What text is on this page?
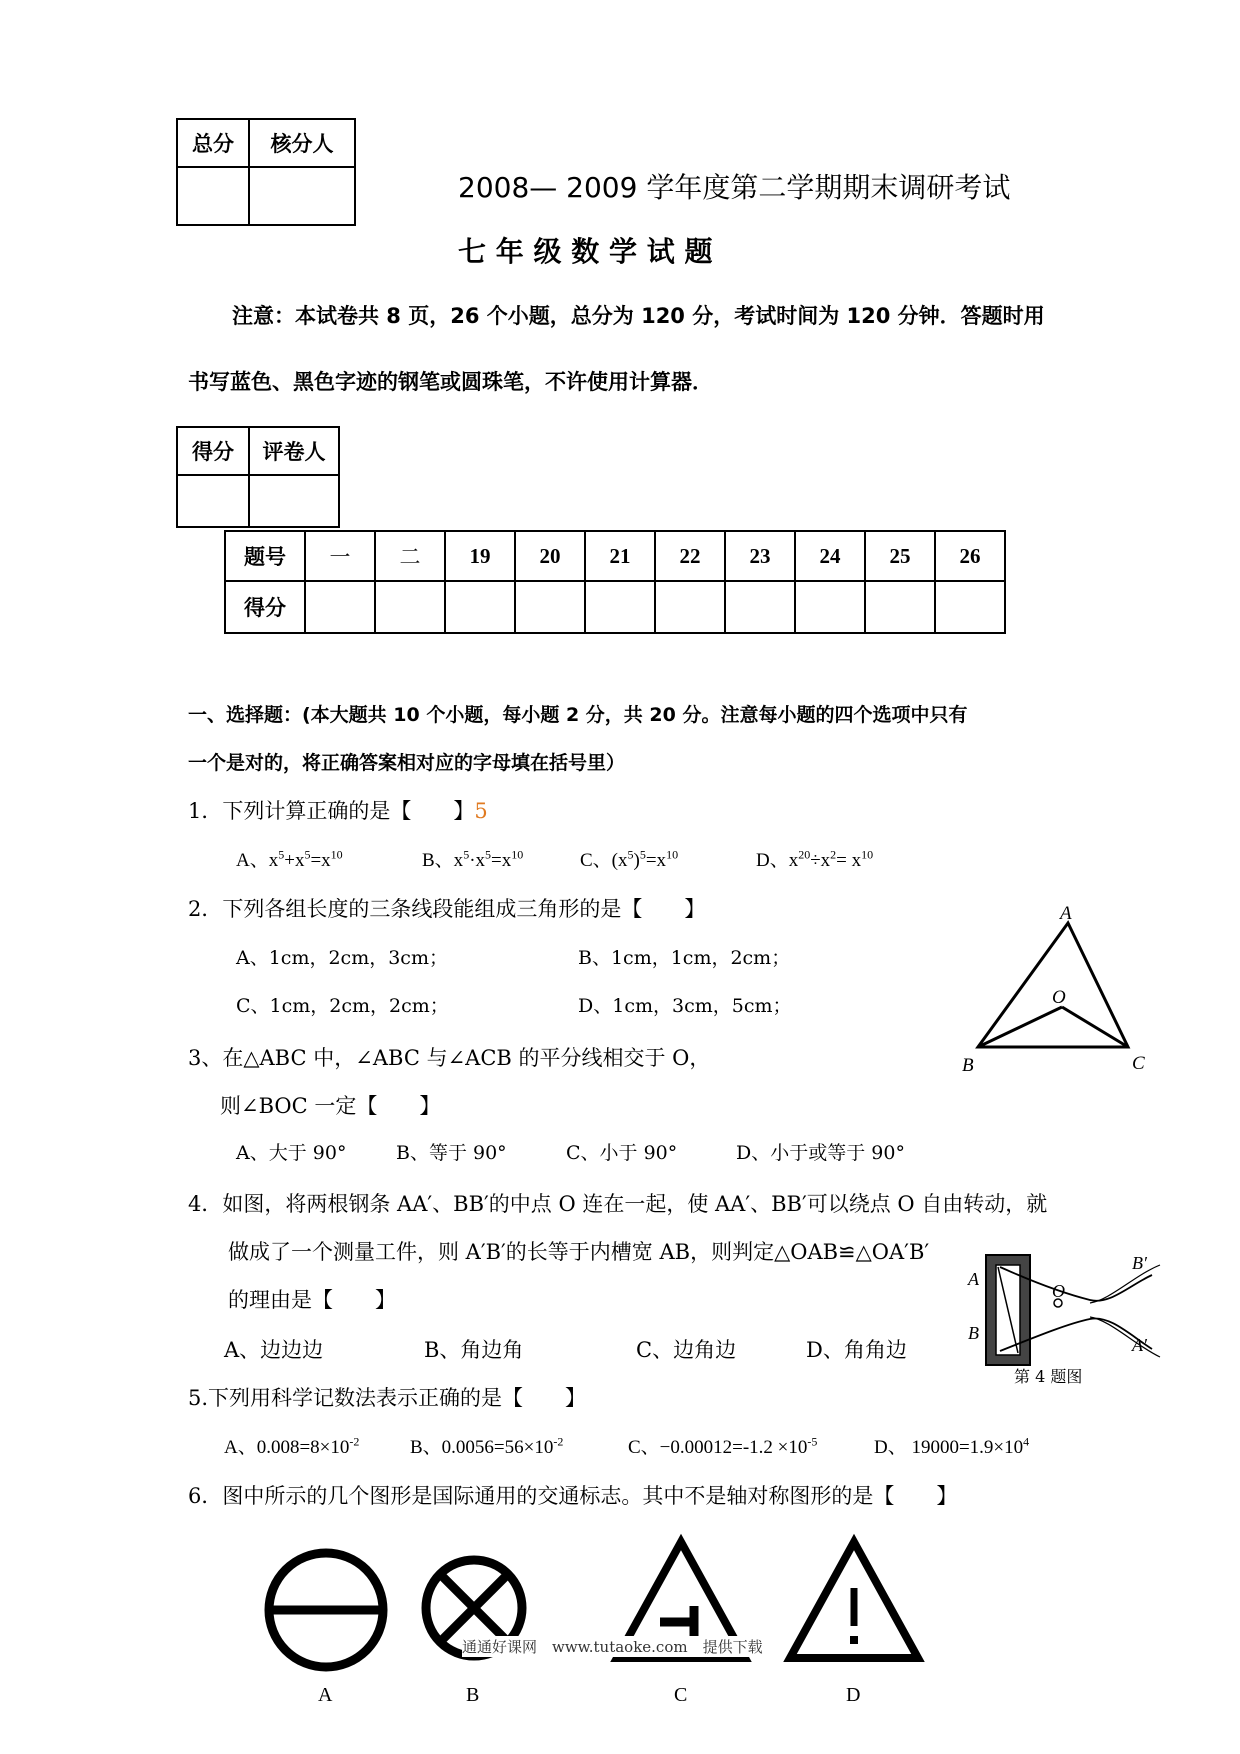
总分	核分人

2008— 2009 学年度第二学期期末调研考试
七 年 级 数 学 试 题
注意：本试卷共 8 页，26 个小题，总分为 120 分，考试时间为 120 分钟．答题时用
书写蓝色、黑色字迹的钢笔或圆珠笔，不许使用计算器．
得分	评卷人

题号	一	二	19	20	21	22	23	24	25	26
得分										
一、选择题：(本大题共 10 个小题，每小题 2 分，共 20 分。注意每小题的四个选项中只有
一个是对的，将正确答案相对应的字母填在括号里）
1．下列计算正确的是【　　】5
A、$x^5+x^5=x^{10}$	B、$x^5\cdot x^5=x^{10}$	C、$(x^5)^5=x^{10}$	D、$x^{20}\div x^2= x^{10}$
2．下列各组长度的三条线段能组成三角形的是【　　】
A、1cm，2cm，3cm；	B、1cm，1cm，2cm；
C、1cm，2cm，2cm；	D、1cm，3cm，5cm；
A
B	C
O
3、在△ABC 中，∠ABC 与∠ACB 的平分线相交于 O，
则∠BOC 一定【　　】
A、大于 90°	B、等于 90°	C、小于 90°	D、小于或等于 90°
4．如图，将两根钢条 AA′、BB′的中点 O 连在一起，使 AA′、BB′可以绕点 O 自由转动，就
做成了一个测量工件，则 A′B′的长等于内槽宽 AB，则判定△OAB≌△OA′B′
的理由是【　　】
A、边边边	B、角边角	C、边角边	D、角角边
A
B
O
B′
A′
第 4 题图
5.下列用科学记数法表示正确的是【　　】
A、$0.008=8\times 10^{-2}$	B、$0.0056=56\times 10^{-2}$	C、$-0.00012=-1.2 \times 10^{-5}$	D、 $19000=1.9\times 10^4$
6．图中所示的几个图形是国际通用的交通标志。其中不是轴对称图形的是【　　】
通通好课网　www.tutaoke.com　提供下载
A	B	C	D
